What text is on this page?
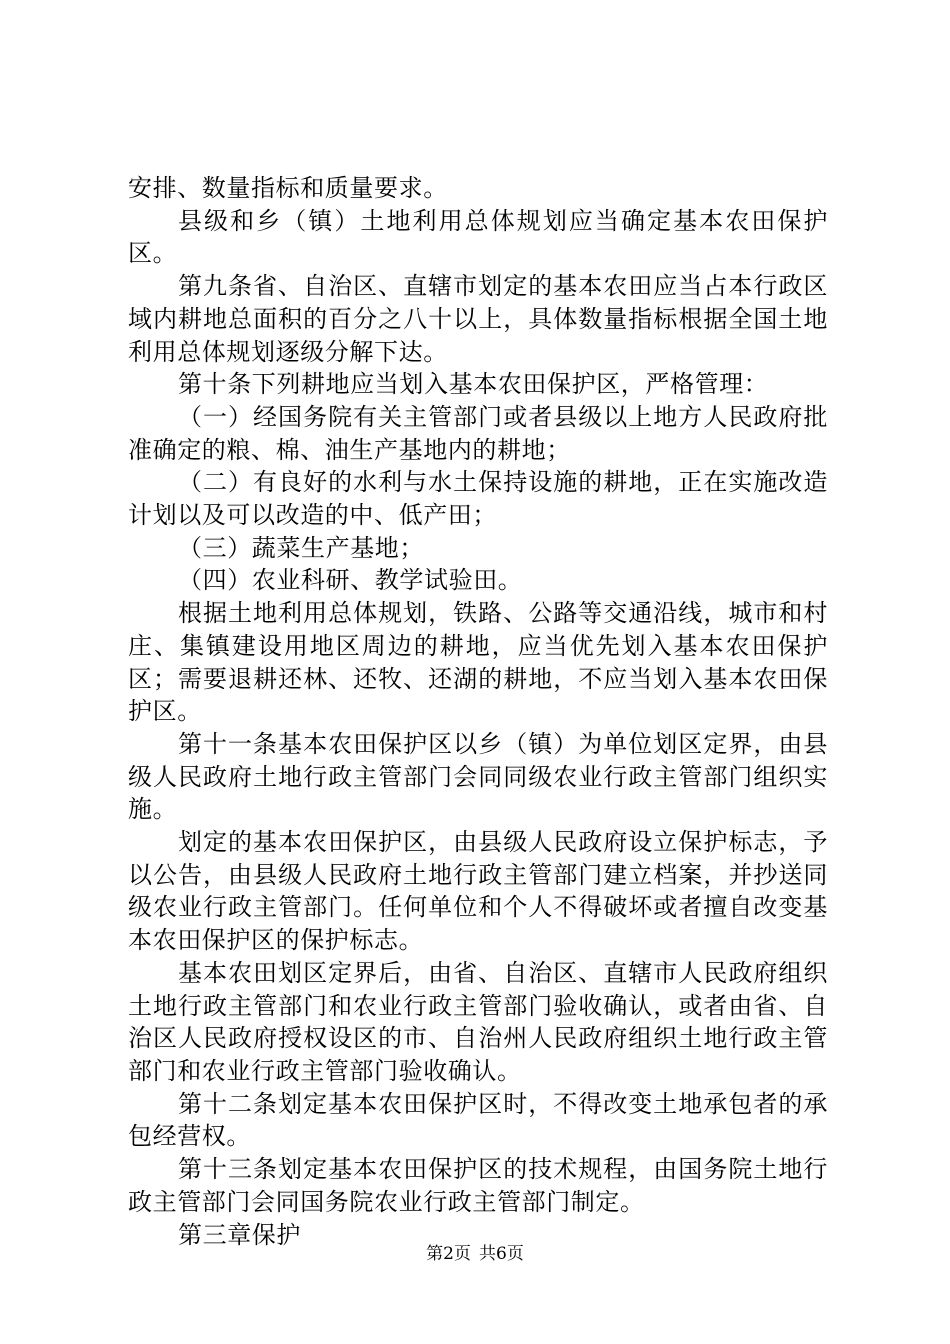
安排、数量指标和质量要求。

县级和乡（镇）土地利用总体规划应当确定基本农田保护区。

第九条省、自治区、直辖市划定的基本农田应当占本行政区域内耕地总面积的百分之八十以上，具体数量指标根据全国土地利用总体规划逐级分解下达。

第十条下列耕地应当划入基本农田保护区，严格管理：

（一）经国务院有关主管部门或者县级以上地方人民政府批准确定的粮、棉、油生产基地内的耕地；

（二）有良好的水利与水土保持设施的耕地，正在实施改造计划以及可以改造的中、低产田；

（三）蔬菜生产基地；

（四）农业科研、教学试验田。

根据土地利用总体规划，铁路、公路等交通沿线，城市和村庄、集镇建设用地区周边的耕地，应当优先划入基本农田保护区；需要退耕还林、还牧、还湖的耕地，不应当划入基本农田保护区。

第十一条基本农田保护区以乡（镇）为单位划区定界，由县级人民政府土地行政主管部门会同同级农业行政主管部门组织实施。

划定的基本农田保护区，由县级人民政府设立保护标志，予以公告，由县级人民政府土地行政主管部门建立档案，并抄送同级农业行政主管部门。任何单位和个人不得破坏或者擅自改变基本农田保护区的保护标志。

基本农田划区定界后，由省、自治区、直辖市人民政府组织土地行政主管部门和农业行政主管部门验收确认，或者由省、自治区人民政府授权设区的市、自治州人民政府组织土地行政主管部门和农业行政主管部门验收确认。

第十二条划定基本农田保护区时，不得改变土地承包者的承包经营权。

第十三条划定基本农田保护区的技术规程，由国务院土地行政主管部门会同国务院农业行政主管部门制定。

第三章保护

第2页 共6页
